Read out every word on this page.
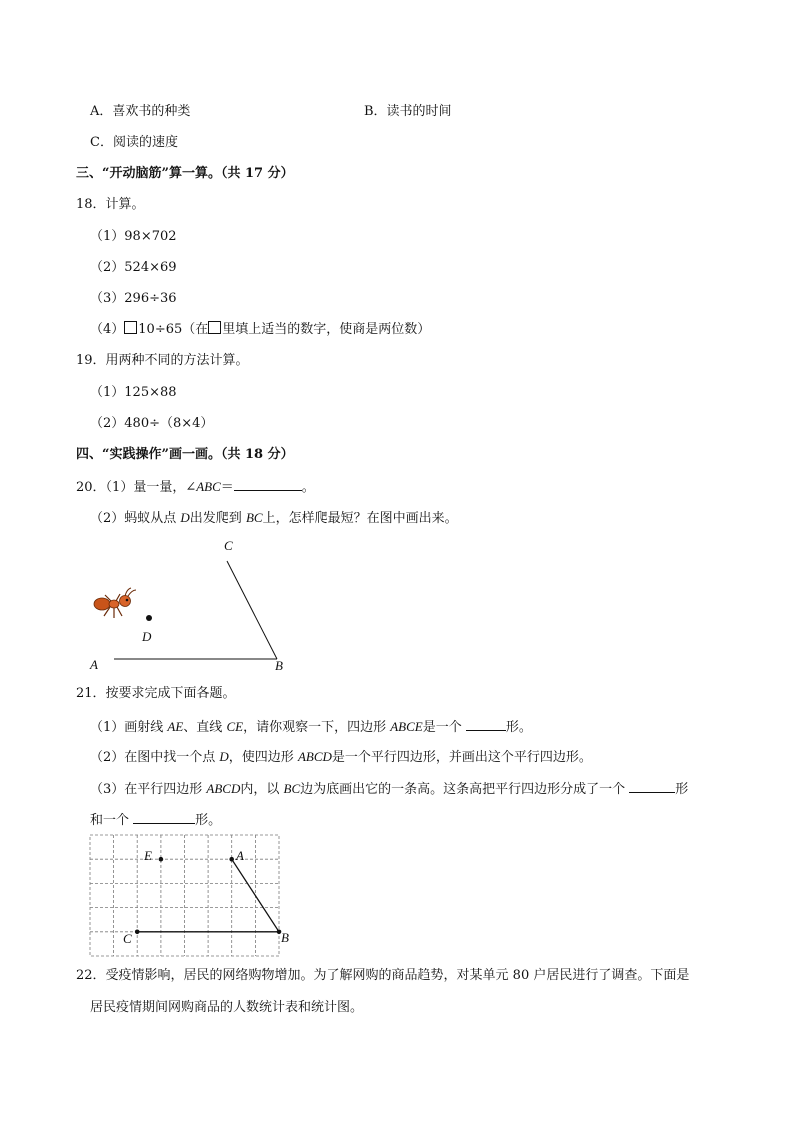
A．喜欢书的种类	B．读书的时间
C．阅读的速度
三、“开动脑筋”算一算。（共 17 分）
18．计算。
（1）98×702
（2）524×69
（3）296÷36
（4） 10÷65（在 里填上适当的数字，使商是两位数）
19．用两种不同的方法计算。
（1）125×88
（2）480÷（8×4）
四、“实践操作”画一画。（共 18 分）
20．（1）量一量，∠ABC＝	。
（2）蚂蚁从点 D出发爬到 BC上，怎样爬最短？在图中画出来。
A	B
C
D
21．按要求完成下面各题。
（1）画射线 AE、直线 CE，请你观察一下，四边形 ABCE是一个	形。
（2）在图中找一个点 D，使四边形 ABCD是一个平行四边形，并画出这个平行四边形。
（3）在平行四边形 ABCD内，以 BC边为底画出它的一条高。这条高把平行四边形分成了一个	形
和一个	形。
E	A
C	B
22．受疫情影响，居民的网络购物增加。为了解网购的商品趋势，对某单元 80 户居民进行了调查。下面是
居民疫情期间网购商品的人数统计表和统计图。
